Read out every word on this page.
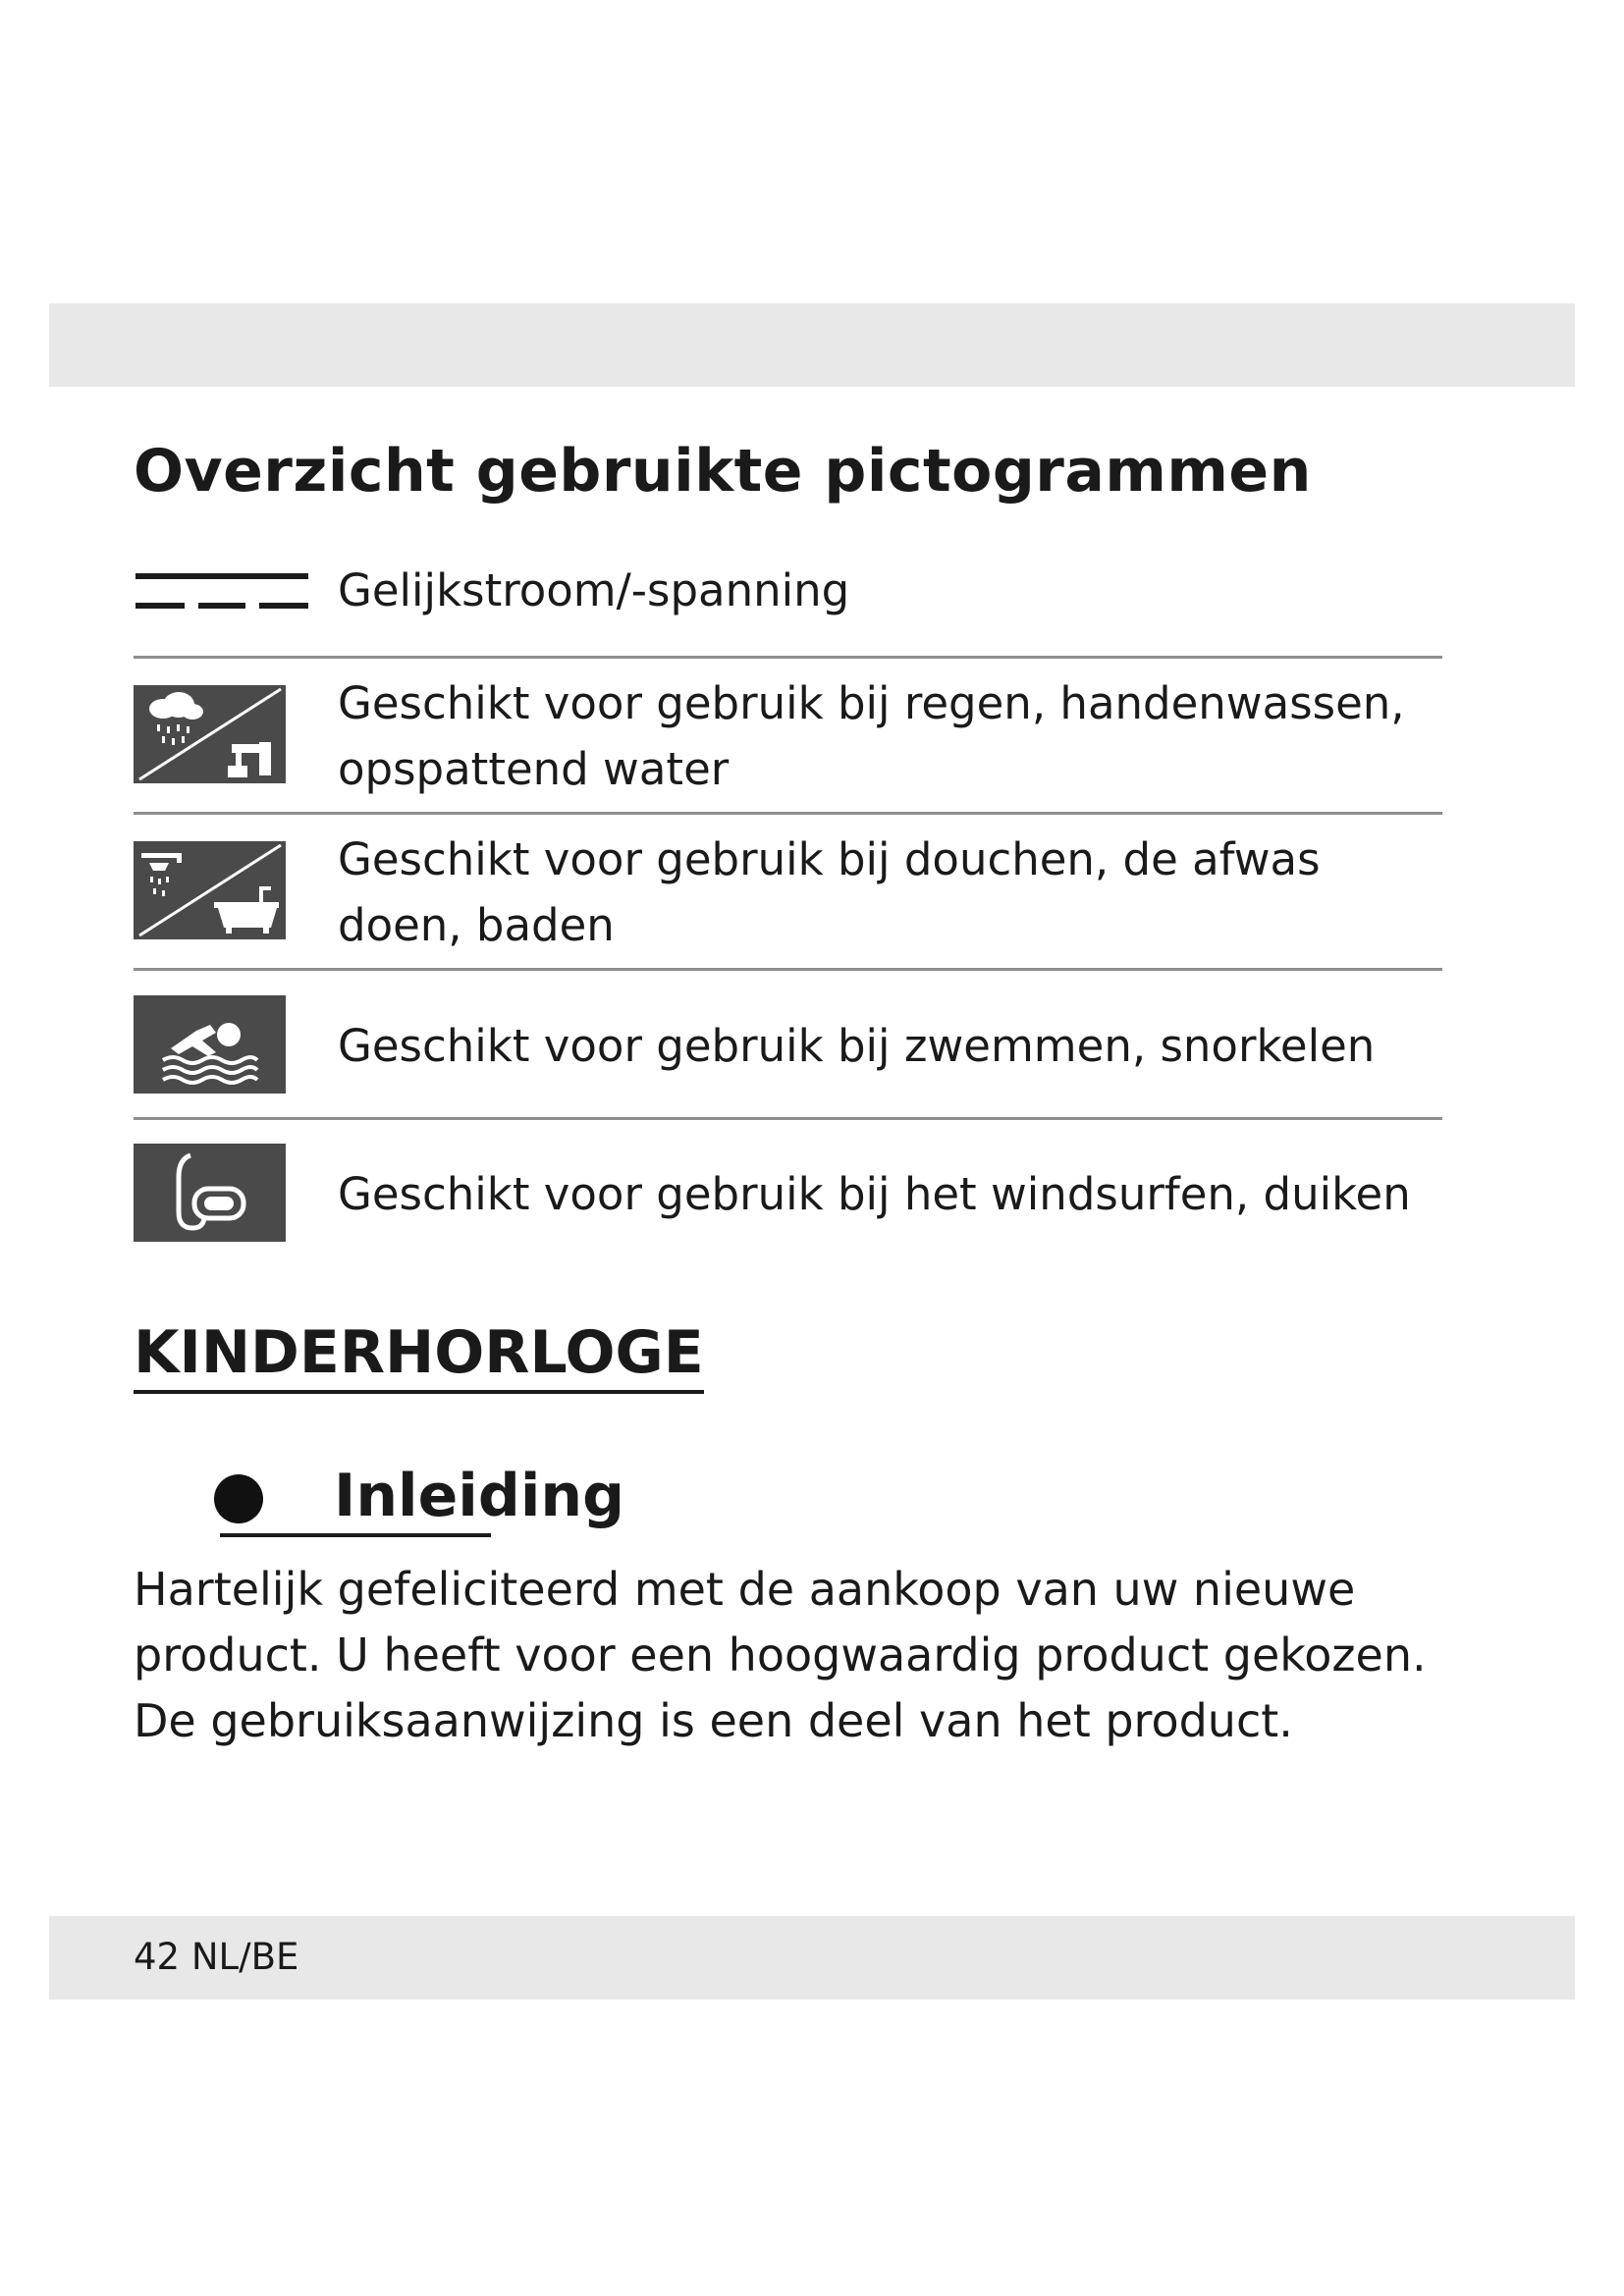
Overzicht gebruikte pictogrammen
Gelijkstroom/-spanning
Geschikt voor gebruik bij regen, handenwassen, opspattend water
Geschikt voor gebruik bij douchen, de afwas doen, baden
Geschikt voor gebruik bij zwemmen, snorkelen
Geschikt voor gebruik bij het windsurfen, duiken
KINDERHORLOGE
Inleiding

Hartelijk gefeliciteerd met de aankoop van uw nieuwe product. U heeft voor een hoogwaardig product gekozen. De gebruiksaanwijzing is een deel van het product.

42 NL/BE
